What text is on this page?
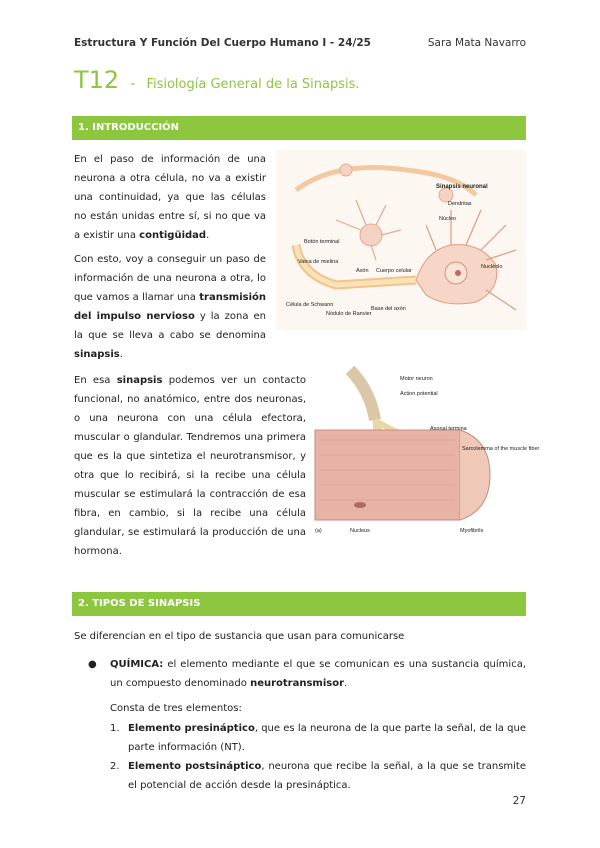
Estructura Y Función Del Cuerpo Humano I - 24/25	Sara Mata Navarro
T12 - Fisiología General de la Sinapsis.
1. INTRODUCCIÓN
En el paso de información de una neurona a otra célula, no va a existir una continuidad, ya que las células no están unidas entre sí, si no que va a existir una contigüidad.
Con esto, voy a conseguir un paso de información de una neurona a otra, lo que vamos a llamar una transmisión del impulso nervioso y la zona en la que se lleva a cabo se denomina sinapsis.
Sinapsis neuronal
Dendritas
Núcleo
Nucléolo
Botón terminal
Vaina de mielina
Axón Cuerpo celular
Célula de Schwann
Nódulo de Ranvier
Base del axón
En esa sinapsis podemos ver un contacto funcional, no anatómico, entre dos neuronas, o una neurona con una célula efectora, muscular o glandular. Tendremos una primera que es la que sintetiza el neurotransmisor, y otra que lo recibirá, si la recibe una célula muscular se estimulará la contracción de esa fibra, en cambio, si la recibe una célula glandular, se estimulará la producción de una hormona.
Motor neuron
Action potential
Axonal termina
Sarcolemma of the muscle fiber
(a)	Nucleus	Myofibrils
2. TIPOS DE SINAPSIS
Se diferencian en el tipo de sustancia que usan para comunicarse
●	QUÍMICA: el elemento mediante el que se comunican es una sustancia química, un compuesto denominado neurotransmisor.
Consta de tres elementos:
1. Elemento presináptico, que es la neurona de la que parte la señal, de la que parte información (NT).
2. Elemento postsináptico, neurona que recibe la señal, a la que se transmite el potencial de acción desde la presináptica.
27
